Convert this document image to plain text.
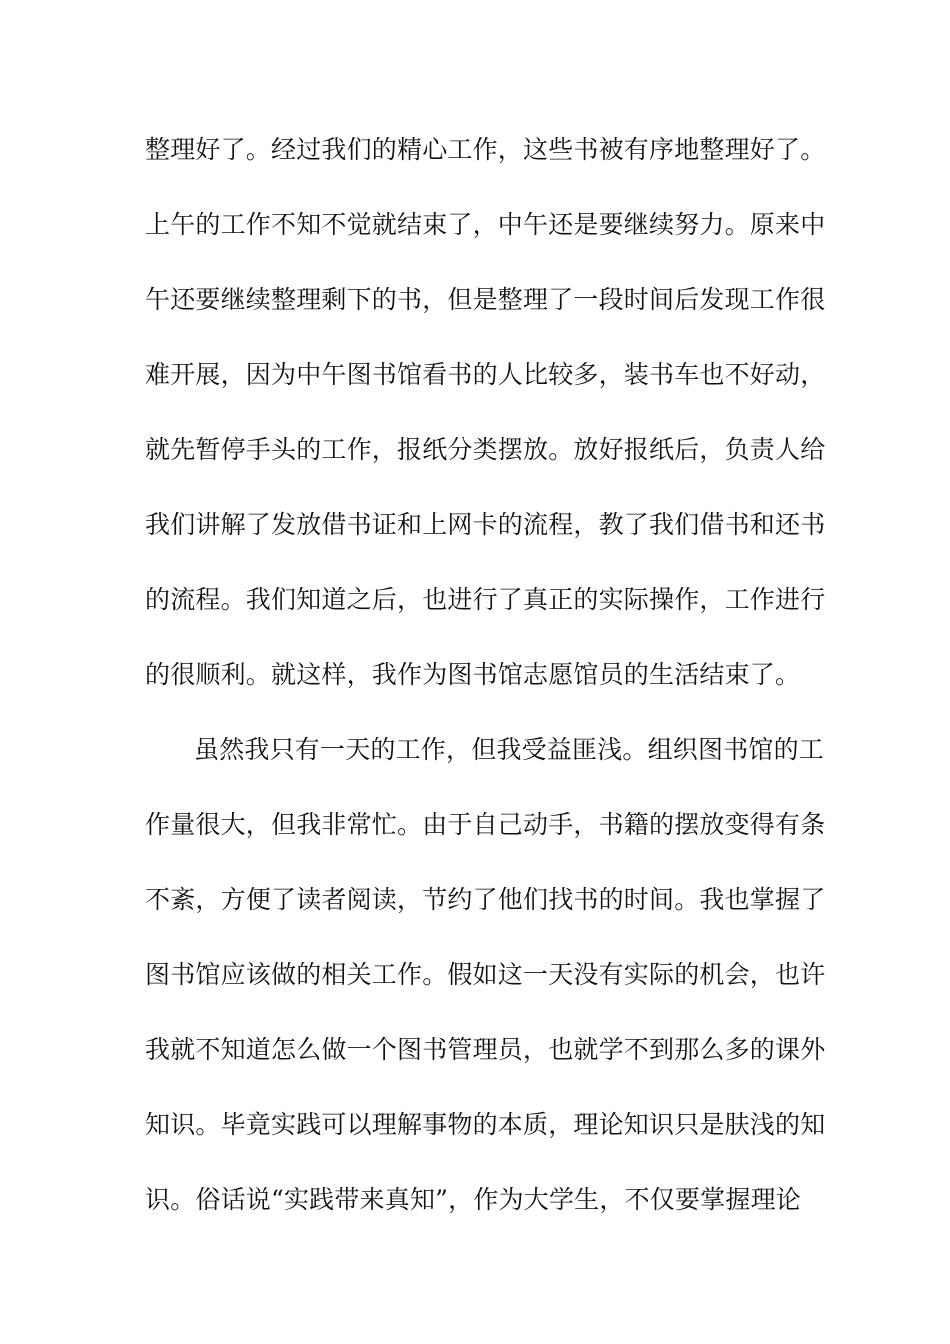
整理好了。经过我们的精心工作，这些书被有序地整理好了。
上午的工作不知不觉就结束了，中午还是要继续努力。原来中
午还要继续整理剩下的书，但是整理了一段时间后发现工作很
难开展，因为中午图书馆看书的人比较多，装书车也不好动，
就先暂停手头的工作，报纸分类摆放。放好报纸后，负责人给
我们讲解了发放借书证和上网卡的流程，教了我们借书和还书
的流程。我们知道之后，也进行了真正的实际操作，工作进行
的很顺利。就这样，我作为图书馆志愿馆员的生活结束了。
虽然我只有一天的工作，但我受益匪浅。组织图书馆的工
作量很大，但我非常忙。由于自己动手，书籍的摆放变得有条
不紊，方便了读者阅读，节约了他们找书的时间。我也掌握了
图书馆应该做的相关工作。假如这一天没有实际的机会，也许
我就不知道怎么做一个图书管理员，也就学不到那么多的课外
知识。毕竟实践可以理解事物的本质，理论知识只是肤浅的知
识。俗话说“实践带来真知”，作为大学生，不仅要掌握理论
